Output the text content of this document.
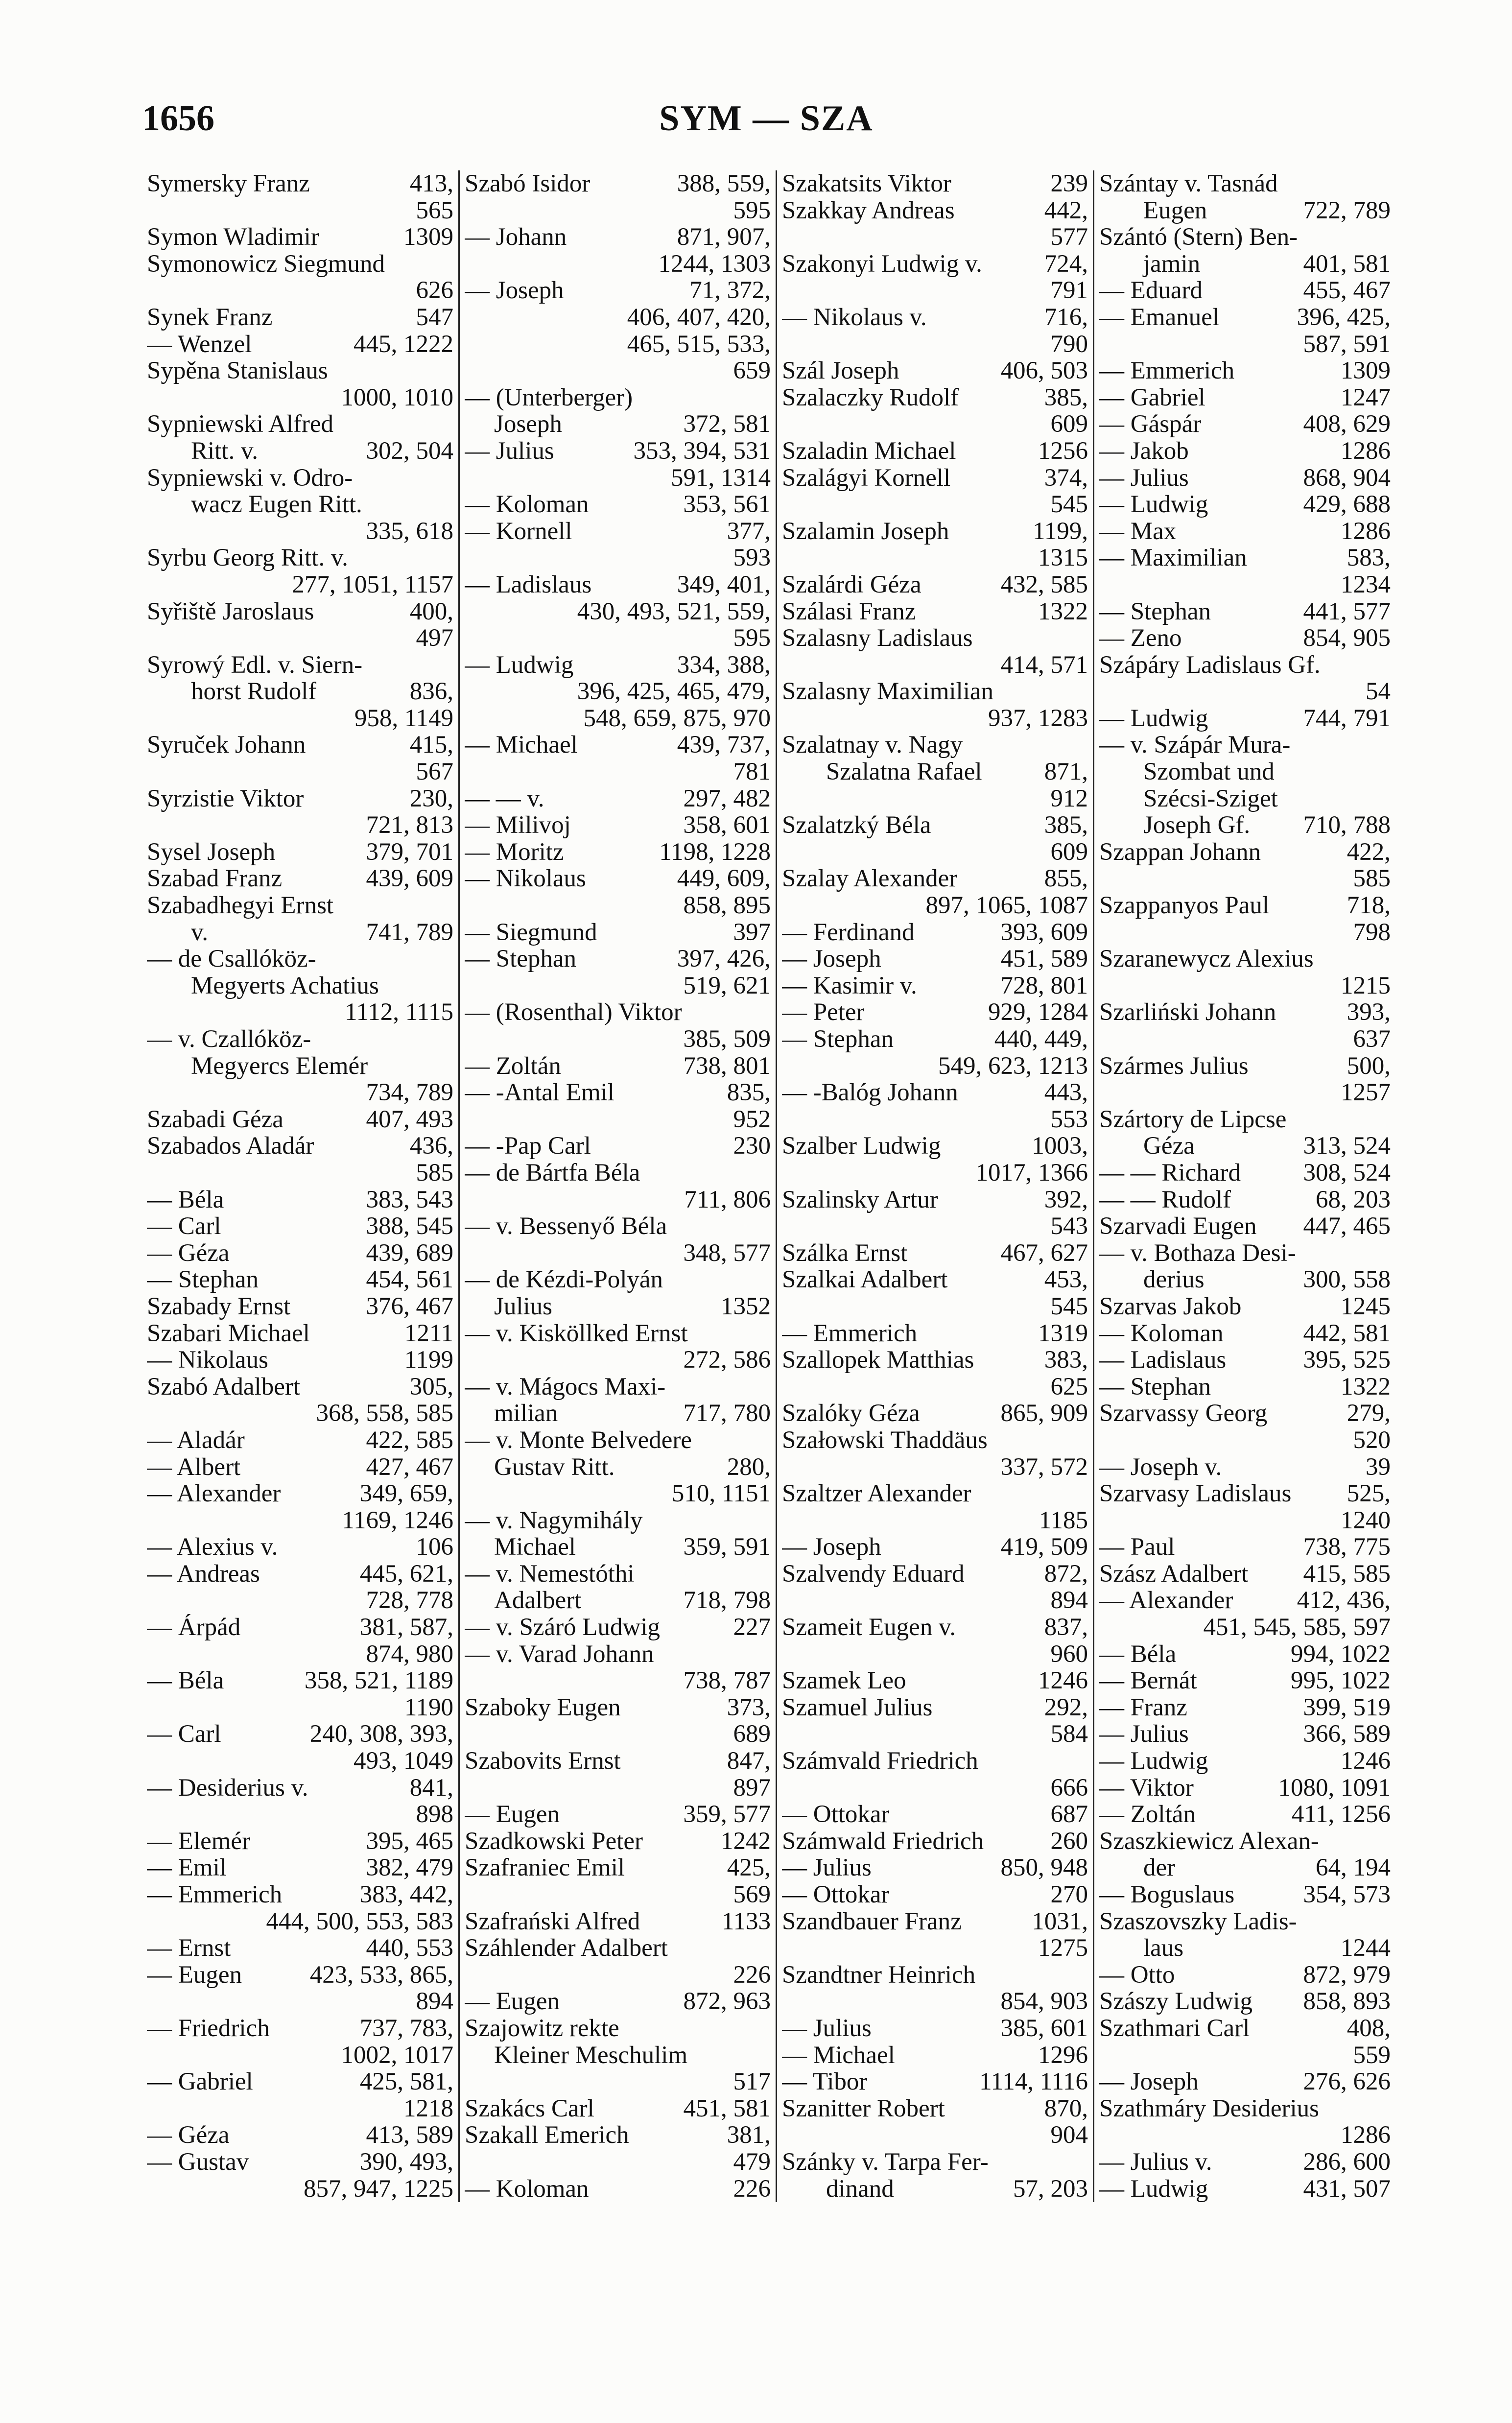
1656	SYM — SZA
Symersky Franz	413,
565
Symon Wladimir	1309
Symonowicz Siegmund
626
Synek Franz	547
— Wenzel	445, 1222
Sypěna Stanislaus
1000, 1010
Sypniewski Alfred
Ritt. v.	302, 504
Sypniewski v. Odro-
wacz Eugen Ritt.
335, 618
Syrbu Georg Ritt. v.
277, 1051, 1157
Syřiště Jaroslaus	400,
497
Syrowý Edl. v. Siern-
horst Rudolf	836,
958, 1149
Syruček Johann	415,
567
Syrzistie Viktor	230,
721, 813
Sysel Joseph	379, 701
Szabad Franz	439, 609
Szabadhegyi Ernst
v.	741, 789
— de Csallóköz-
Megyerts Achatius
1112, 1115
— v. Czallóköz-
Megyercs Elemér
734, 789
Szabadi Géza	407, 493
Szabados Aladár	436,
585
— Béla	383, 543
— Carl	388, 545
— Géza	439, 689
— Stephan	454, 561
Szabady Ernst	376, 467
Szabari Michael	1211
— Nikolaus	1199
Szabó Adalbert	305,
368, 558, 585
— Aladár	422, 585
— Albert	427, 467
— Alexander	349, 659,
1169, 1246
— Alexius v.	106
— Andreas	445, 621,
728, 778
— Árpád	381, 587,
874, 980
— Béla	358, 521, 1189
1190
— Carl	240, 308, 393,
493, 1049
— Desiderius v.	841,
898
— Elemér	395, 465
— Emil	382, 479
— Emmerich	383, 442,
444, 500, 553, 583
— Ernst	440, 553
— Eugen	423, 533, 865,
894
— Friedrich	737, 783,
1002, 1017
— Gabriel	425, 581,
1218
— Géza	413, 589
— Gustav	390, 493,
857, 947, 1225
Szabó Isidor	388, 559,
595
— Johann	871, 907,
1244, 1303
— Joseph	71, 372,
406, 407, 420,
465, 515, 533,
659
— (Unterberger)
Joseph	372, 581
— Julius	353, 394, 531
591, 1314
— Koloman	353, 561
— Kornell	377,
593
— Ladislaus	349, 401,
430, 493, 521, 559,
595
— Ludwig	334, 388,
396, 425, 465, 479,
548, 659, 875, 970
— Michael	439, 737,
781
— — v.	297, 482
— Milivoj	358, 601
— Moritz	1198, 1228
— Nikolaus	449, 609,
858, 895
— Siegmund	397
— Stephan	397, 426,
519, 621
— (Rosenthal) Viktor
385, 509
— Zoltán	738, 801
— -Antal Emil	835,
952
— -Pap Carl	230
— de Bártfa Béla
711, 806
— v. Bessenyő Béla
348, 577
— de Kézdi-Polyán
Julius	1352
— v. Kisköllked Ernst
272, 586
— v. Mágocs Maxi-
milian	717, 780
— v. Monte Belvedere
Gustav Ritt.	280,
510, 1151
— v. Nagymihály
Michael	359, 591
— v. Nemestóthi
Adalbert	718, 798
— v. Száró Ludwig	227
— v. Varad Johann
738, 787
Szaboky Eugen	373,
689
Szabovits Ernst	847,
897
— Eugen	359, 577
Szadkowski Peter	1242
Szafraniec Emil	425,
569
Szafrański Alfred	1133
Száhlender Adalbert
226
— Eugen	872, 963
Szajowitz rekte
Kleiner Meschulim
517
Szakács Carl	451, 581
Szakall Emerich	381,
479
— Koloman	226
Szakatsits Viktor	239
Szakkay Andreas	442,
577
Szakonyi Ludwig v. 724,
791
— Nikolaus v.	716,
790
Szál Joseph	406, 503
Szalaczky Rudolf	385,
609
Szaladin Michael	1256
Szalágyi Kornell	374,
545
Szalamin Joseph	1199,
1315
Szalárdi Géza	432, 585
Szálasi Franz	1322
Szalasny Ladislaus
414, 571
Szalasny Maximilian
937, 1283
Szalatnay v. Nagy
Szalatna Rafael 871,
912
Szalatzký Béla	385,
609
Szalay Alexander	855,
897, 1065, 1087
— Ferdinand	393, 609
— Joseph	451, 589
— Kasimir v.	728, 801
— Peter	929, 1284
— Stephan	440, 449,
549, 623, 1213
— -Balóg Johann	443,
553
Szalber Ludwig	1003,
1017, 1366
Szalinsky Artur	392,
543
Szálka Ernst	467, 627
Szalkai Adalbert	453,
545
— Emmerich	1319
Szallopek Matthias	383,
625
Szalóky Géza	865, 909
Szałowski Thaddäus
337, 572
Szaltzer Alexander
1185
— Joseph	419, 509
Szalvendy Eduard	872,
894
Szameit Eugen v.	837,
960
Szamek Leo	1246
Szamuel Julius	292,
584
Számvald Friedrich
666
— Ottokar	687
Számwald Friedrich	260
— Julius	850, 948
— Ottokar	270
Szandbauer Franz	1031,
1275
Szandtner Heinrich
854, 903
— Julius	385, 601
— Michael	1296
— Tibor	1114, 1116
Szanitter Robert	870,
904
Szánky v. Tarpa Fer-
dinand	57, 203
Szántay v. Tasnád
Eugen	722, 789
Szántó (Stern) Ben-
jamin	401, 581
— Eduard	455, 467
— Emanuel	396, 425,
587, 591
— Emmerich	1309
— Gabriel	1247
— Gáspár	408, 629
— Jakob	1286
— Julius	868, 904
— Ludwig	429, 688
— Max	1286
— Maximilian	583,
1234
— Stephan	441, 577
— Zeno	854, 905
Szápáry Ladislaus Gf.
54
— Ludwig	744, 791
— v. Szápár Mura-
Szombat und
Szécsi-Sziget
Joseph Gf. 710, 788
Szappan Johann	422,
585
Szappanyos Paul	718,
798
Szaranewycz Alexius
1215
Szarliński Johann	393,
637
Szármes Julius	500,
1257
Szártory de Lipcse
Géza	313, 524
— — Richard	308, 524
— — Rudolf	68, 203
Szarvadi Eugen 447, 465
— v. Bothaza Desi-
derius	300, 558
Szarvas Jakob	1245
— Koloman	442, 581
— Ladislaus	395, 525
— Stephan	1322
Szarvassy Georg	279,
520
— Joseph v.	39
Szarvasy Ladislaus 525,
1240
— Paul	738, 775
Szász Adalbert 415, 585
— Alexander	412, 436,
451, 545, 585, 597
— Béla	994, 1022
— Bernát	995, 1022
— Franz	399, 519
— Julius	366, 589
— Ludwig	1246
— Viktor	1080, 1091
— Zoltán	411, 1256
Szaszkiewicz Alexan-
der	64, 194
— Boguslaus	354, 573
Szaszovszky Ladis-
laus	1244
— Otto	872, 979
Szászy Ludwig 858, 893
Szathmari Carl	408,
559
— Joseph	276, 626
Szathmáry Desiderius
1286
— Julius v.	286, 600
— Ludwig	431, 507
